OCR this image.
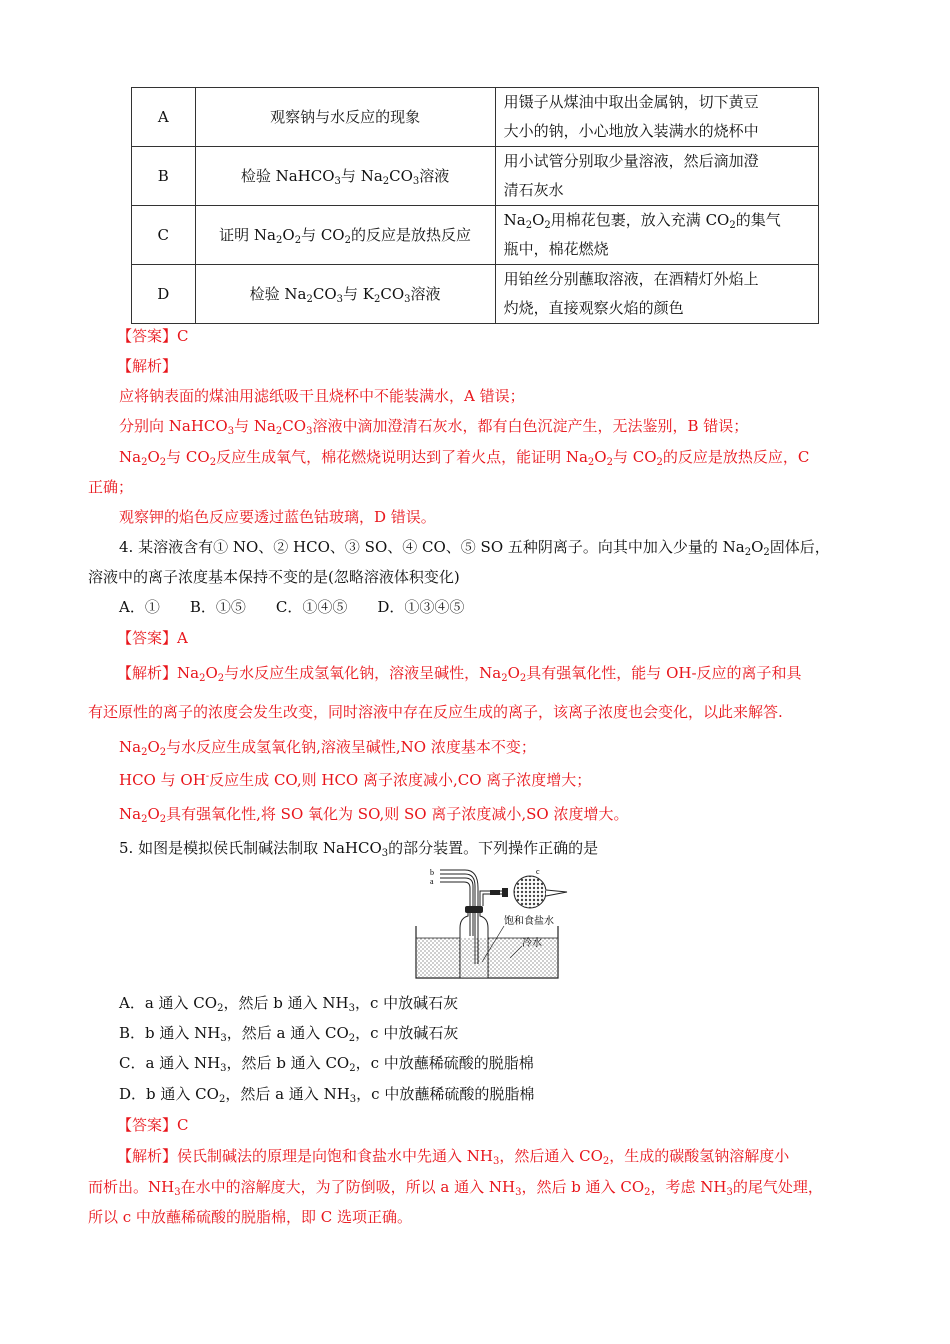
A	观察钠与水反应的现象	用镊子从煤油中取出金属钠，切下黄豆
大小的钠，小心地放入装满水的烧杯中

B	检验 NaHCO$_3$与 $Na_2CO_3$溶液	用小试管分别取少量溶液，然后滴加澄
清石灰水

C	证明 $Na_2O_2$与 $CO_2$的反应是放热反应	$Na_2O_2$用棉花包裹，放入充满 $CO_2$的集气
瓶中，棉花燃烧

D	检验 $Na_2CO_3$与 $K_2CO_3$溶液	用铂丝分别蘸取溶液，在酒精灯外焰上
灼烧，直接观察火焰的颜色
【答案】C
【解析】
应将钠表面的煤油用滤纸吸干且烧杯中不能装满水，A 错误；
分别向 NaHCO$_3$与 $Na_2CO_3$溶液中滴加澄清石灰水，都有白色沉淀产生，无法鉴别，B 错误；
$Na_2O_2$与 $CO_2$反应生成氧气，棉花燃烧说明达到了着火点，能证明 $Na_2O_2$与 $CO_2$的反应是放热反应，C
正确；
观察钾的焰色反应要透过蓝色钴玻璃，D 错误。
4. 某溶液含有① NO、② HCO、③ SO、④ CO、⑤ SO 五种阴离子。向其中加入少量的 $Na_2O_2$固体后，
溶液中的离子浓度基本保持不变的是(忽略溶液体积变化)
A．①　　B．①⑤　　C．①④⑤　　D．①③④⑤
【答案】A
【解析】$Na_2O_2$与水反应生成氢氧化钠，溶液呈碱性，$Na_2O_2$具有强氧化性，能与 OH-反应的离子和具
有还原性的离子的浓度会发生改变，同时溶液中存在反应生成的离子，该离子浓度也会变化，以此来解答.
$Na_2O_2$与水反应生成氢氧化钠,溶液呈碱性,NO 浓度基本不变；
HCO 与 OH-反应生成 CO,则 HCO 离子浓度减小,CO 离子浓度增大；
$Na_2O_2$具有强氧化性,将 SO 氧化为 SO,则 SO 离子浓度减小,SO 浓度增大。
5. 如图是模拟侯氏制碱法制取 NaHCO$_3$的部分装置。下列操作正确的是
b
a
c
饱和食盐水
冷水
A．a 通入 $CO_2$，然后 b 通入 $NH_3$，c 中放碱石灰
B．b 通入 $NH_3$，然后 a 通入 $CO_2$，c 中放碱石灰
C．a 通入 $NH_3$，然后 b 通入 $CO_2$，c 中放蘸稀硫酸的脱脂棉
D．b 通入 $CO_2$，然后 a 通入 $NH_3$，c 中放蘸稀硫酸的脱脂棉
【答案】C
【解析】侯氏制碱法的原理是向饱和食盐水中先通入 $NH_3$，然后通入 $CO_2$，生成的碳酸氢钠溶解度小
而析出。$NH_3$在水中的溶解度大，为了防倒吸，所以 a 通入 $NH_3$，然后 b 通入 $CO_2$，考虑 $NH_3$的尾气处理，
所以 c 中放蘸稀硫酸的脱脂棉，即 C 选项正确。
